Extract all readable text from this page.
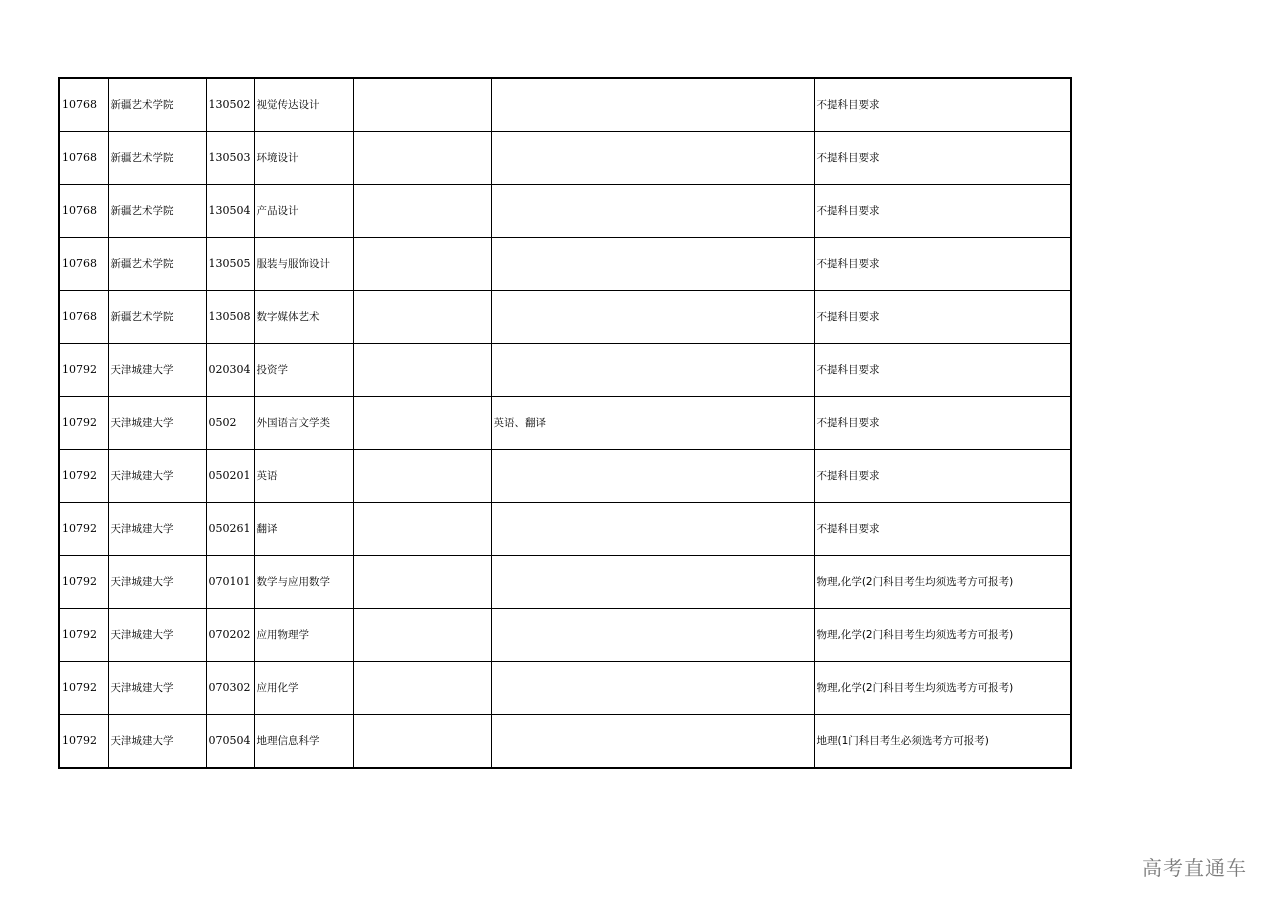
10768	新疆艺术学院	130502	视觉传达设计			不提科目要求
10768	新疆艺术学院	130503	环境设计			不提科目要求
10768	新疆艺术学院	130504	产品设计			不提科目要求
10768	新疆艺术学院	130505	服装与服饰设计			不提科目要求
10768	新疆艺术学院	130508	数字媒体艺术			不提科目要求
10792	天津城建大学	020304	投资学			不提科目要求
10792	天津城建大学	0502	外国语言文学类		英语、翻译	不提科目要求
10792	天津城建大学	050201	英语			不提科目要求
10792	天津城建大学	050261	翻译			不提科目要求
10792	天津城建大学	070101	数学与应用数学			物理,化学(2门科目考生均须选考方可报考)
10792	天津城建大学	070202	应用物理学			物理,化学(2门科目考生均须选考方可报考)
10792	天津城建大学	070302	应用化学			物理,化学(2门科目考生均须选考方可报考)
10792	天津城建大学	070504	地理信息科学			地理(1门科目考生必须选考方可报考)
高考直通车
